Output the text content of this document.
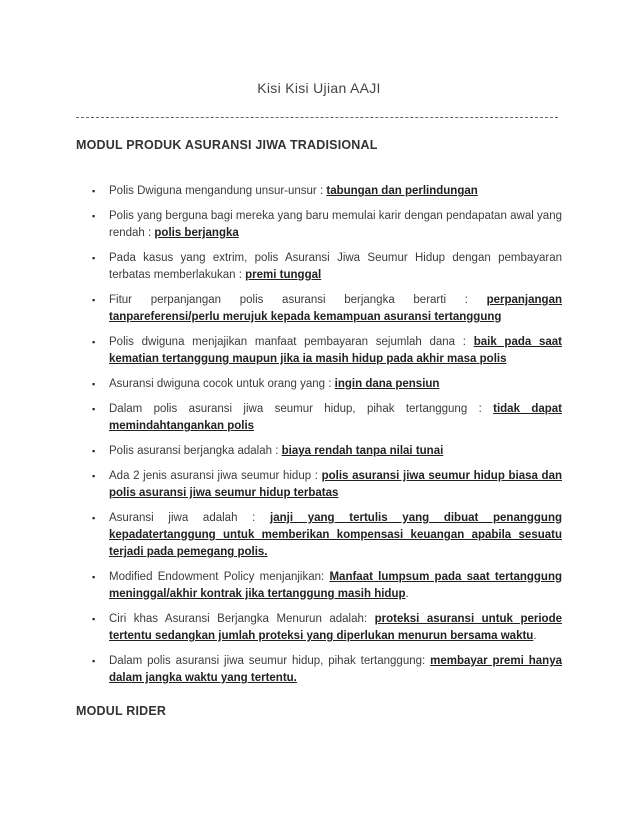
Kisi Kisi Ujian AAJI
MODUL PRODUK ASURANSI JIWA TRADISIONAL
▪ Polis Dwiguna mengandung unsur-unsur : tabungan dan perlindungan
▪ Polis yang berguna bagi mereka yang baru memulai karir dengan pendapatan awal yang rendah : polis berjangka
▪ Pada kasus yang extrim, polis Asuransi Jiwa Seumur Hidup dengan pembayaran terbatas memberlakukan : premi tunggal
▪ Fitur perpanjangan polis asuransi berjangka berarti : perpanjangan tanpareferensi/perlu merujuk kepada kemampuan asuransi tertanggung
▪ Polis dwiguna menjajikan manfaat pembayaran sejumlah dana : baik pada saat kematian tertanggung maupun jika ia masih hidup pada akhir masa polis
▪ Asuransi dwiguna cocok untuk orang yang : ingin dana pensiun
▪ Dalam polis asuransi jiwa seumur hidup, pihak tertanggung : tidak dapat memindahtangankan polis
▪ Polis asuransi berjangka adalah : biaya rendah tanpa nilai tunai
▪ Ada 2 jenis asuransi jiwa seumur hidup : polis asuransi jiwa seumur hidup biasa dan polis asuransi jiwa seumur hidup terbatas
▪ Asuransi jiwa adalah : janji yang tertulis yang dibuat penanggung kepadatertanggung untuk memberikan kompensasi keuangan apabila sesuatu terjadi pada pemegang polis.
▪ Modified Endowment Policy menjanjikan: Manfaat lumpsum pada saat tertanggung meninggal/akhir kontrak jika tertanggung masih hidup.
▪ Ciri khas Asuransi Berjangka Menurun adalah: proteksi asuransi untuk periode tertentu sedangkan jumlah proteksi yang diperlukan menurun bersama waktu.
▪ Dalam polis asuransi jiwa seumur hidup, pihak tertanggung: membayar premi hanya dalam jangka waktu yang tertentu.
MODUL RIDER
